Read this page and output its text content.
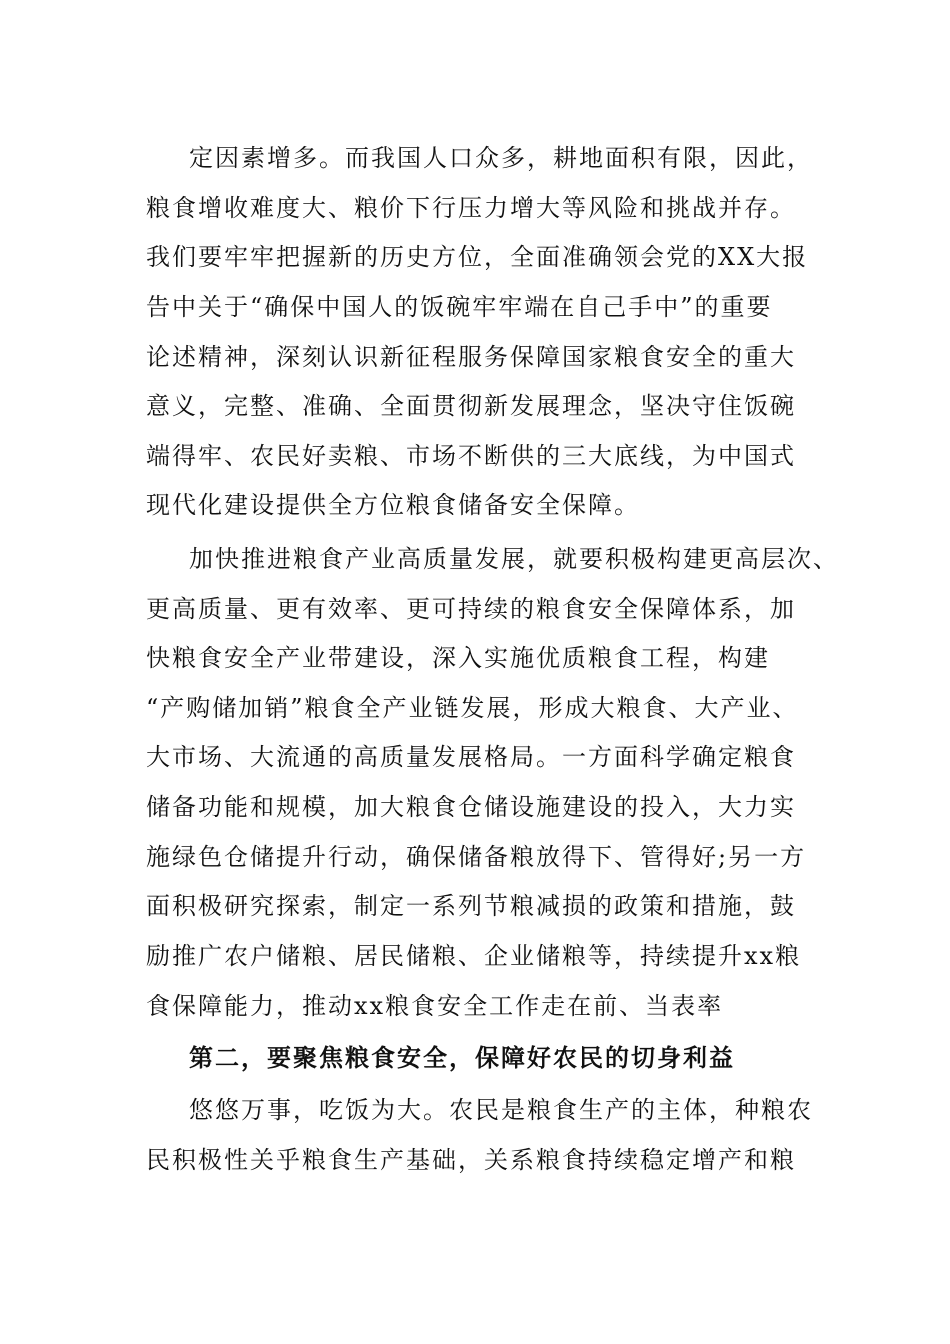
定因素增多。而我国人口众多，耕地面积有限，因此，
粮食增收难度大、粮价下行压力增大等风险和挑战并存。
我们要牢牢把握新的历史方位，全面准确领会党的XX大报
告中关于“确保中国人的饭碗牢牢端在自己手中”的重要
论述精神，深刻认识新征程服务保障国家粮食安全的重大
意义，完整、准确、全面贯彻新发展理念，坚决守住饭碗
端得牢、农民好卖粮、市场不断供的三大底线，为中国式
现代化建设提供全方位粮食储备安全保障。
加快推进粮食产业高质量发展，就要积极构建更高层次、
更高质量、更有效率、更可持续的粮食安全保障体系，加
快粮食安全产业带建设，深入实施优质粮食工程，构建
“产购储加销”粮食全产业链发展，形成大粮食、大产业、
大市场、大流通的高质量发展格局。一方面科学确定粮食
储备功能和规模，加大粮食仓储设施建设的投入，大力实
施绿色仓储提升行动，确保储备粮放得下、管得好;另一方
面积极研究探索，制定一系列节粮减损的政策和措施，鼓
励推广农户储粮、居民储粮、企业储粮等，持续提升xx粮
食保障能力，推动xx粮食安全工作走在前、当表率
第二，要聚焦粮食安全，保障好农民的切身利益
悠悠万事，吃饭为大。农民是粮食生产的主体，种粮农
民积极性关乎粮食生产基础，关系粮食持续稳定增产和粮
